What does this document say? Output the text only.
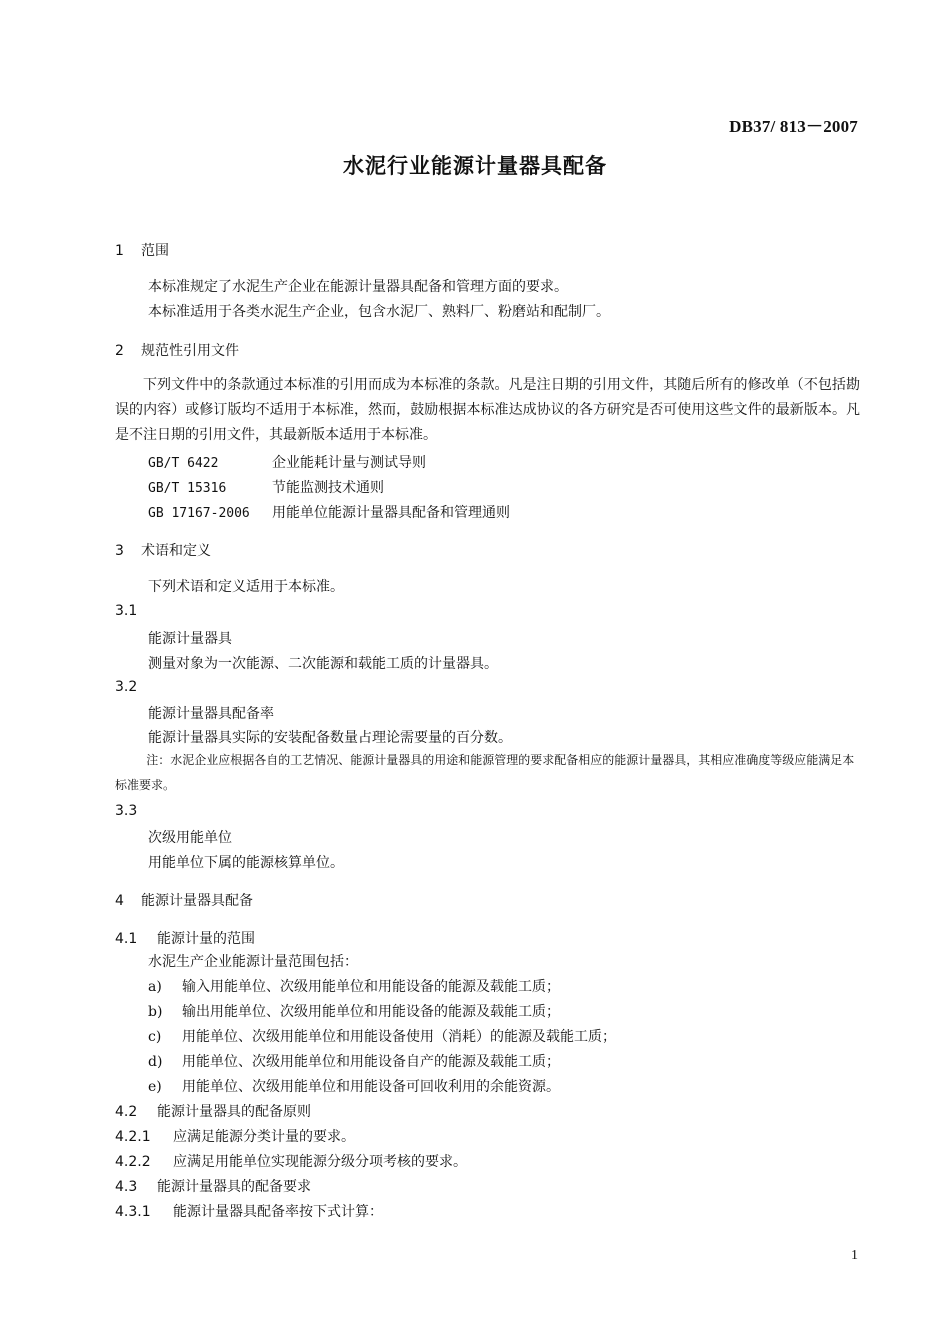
DB37/ 813－2007
水泥行业能源计量器具配备
1 范围
本标准规定了水泥生产企业在能源计量器具配备和管理方面的要求。
本标准适用于各类水泥生产企业，包含水泥厂、熟料厂、粉磨站和配制厂。
2 规范性引用文件
下列文件中的条款通过本标准的引用而成为本标准的条款。凡是注日期的引用文件，其随后所有的修改单（不包括勘误的内容）或修订版均不适用于本标准，然而，鼓励根据本标准达成协议的各方研究是否可使用这些文件的最新版本。凡是不注日期的引用文件，其最新版本适用于本标准。
GB/T 6422	企业能耗计量与测试导则
GB/T 15316	节能监测技术通则
GB 17167-2006 用能单位能源计量器具配备和管理通则
3 术语和定义
下列术语和定义适用于本标准。
3.1
能源计量器具
测量对象为一次能源、二次能源和载能工质的计量器具。
3.2
能源计量器具配备率
能源计量器具实际的安装配备数量占理论需要量的百分数。
注：水泥企业应根据各自的工艺情况、能源计量器具的用途和能源管理的要求配备相应的能源计量器具，其相应准确度等级应能满足本标准要求。
3.3
次级用能单位
用能单位下属的能源核算单位。
4 能源计量器具配备
4.1 能源计量的范围
水泥生产企业能源计量范围包括：
a) 输入用能单位、次级用能单位和用能设备的能源及载能工质；
b) 输出用能单位、次级用能单位和用能设备的能源及载能工质；
c) 用能单位、次级用能单位和用能设备使用（消耗）的能源及载能工质；
d) 用能单位、次级用能单位和用能设备自产的能源及载能工质；
e) 用能单位、次级用能单位和用能设备可回收利用的余能资源。
4.2 能源计量器具的配备原则
4.2.1 应满足能源分类计量的要求。
4.2.2 应满足用能单位实现能源分级分项考核的要求。
4.3 能源计量器具的配备要求
4.3.1 能源计量器具配备率按下式计算：
1
